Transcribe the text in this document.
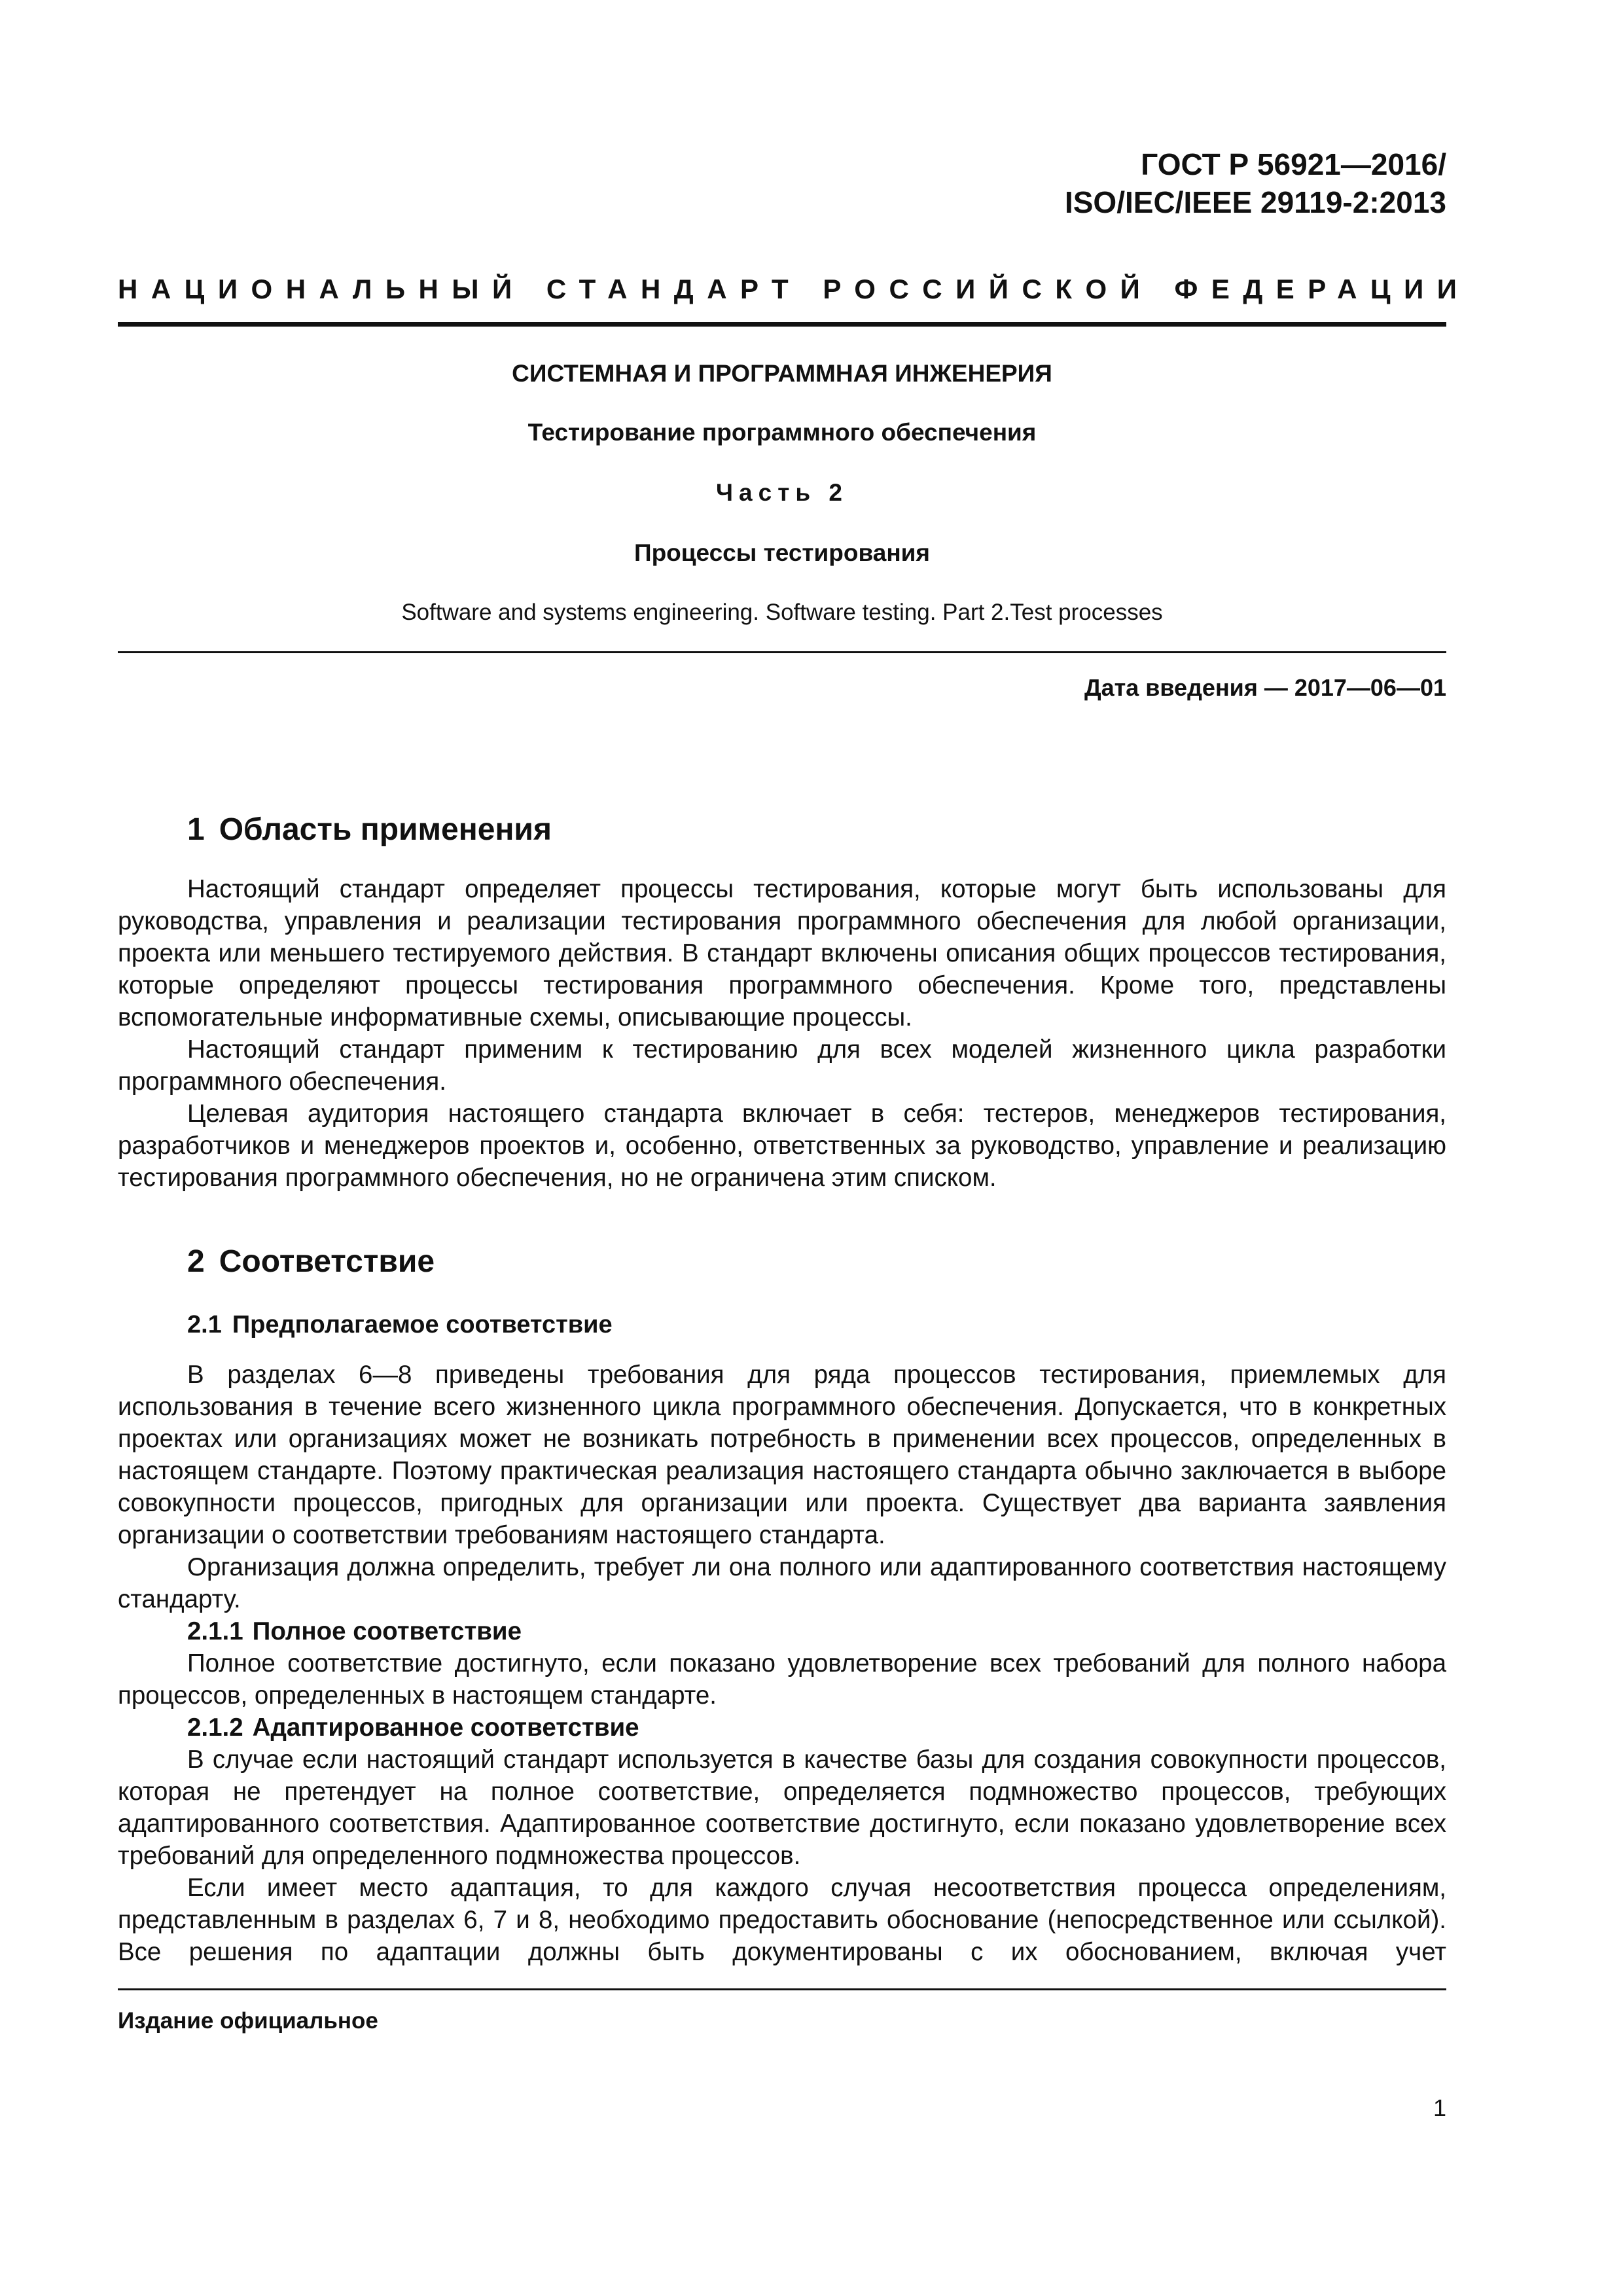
ГОСТ Р 56921—2016/
ISO/IEC/IEEE 29119-2:2013
НАЦИОНАЛЬНЫЙ СТАНДАРТ РОССИЙСКОЙ ФЕДЕРАЦИИ
СИСТЕМНАЯ И ПРОГРАММНАЯ ИНЖЕНЕРИЯ
Тестирование программного обеспечения
Часть 2
Процессы тестирования
Software and systems engineering. Software testing. Part 2.Test processes
Дата введения — 2017—06—01
1 Область применения

Настоящий стандарт определяет процессы тестирования, которые могут быть использованы для руководства, управления и реализации тестирования программного обеспечения для любой организации, проекта или меньшего тестируемого действия. В стандарт включены описания общих процессов тестирования, которые определяют процессы тестирования программного обеспечения. Кроме того, представлены вспомогательные информативные схемы, описывающие процессы.

Настоящий стандарт применим к тестированию для всех моделей жизненного цикла разработки программного обеспечения.

Целевая аудитория настоящего стандарта включает в себя: тестеров, менеджеров тестирования, разработчиков и менеджеров проектов и, особенно, ответственных за руководство, управление и реализацию тестирования программного обеспечения, но не ограничена этим списком.

2 Соответствие
2.1 Предполагаемое соответствие

В разделах 6—8 приведены требования для ряда процессов тестирования, приемлемых для использования в течение всего жизненного цикла программного обеспечения. Допускается, что в конкретных проектах или организациях может не возникать потребность в применении всех процессов, определенных в настоящем стандарте. Поэтому практическая реализация настоящего стандарта обычно заключается в выборе совокупности процессов, пригодных для организации или проекта. Существует два варианта заявления организации о соответствии требованиям настоящего стандарта.

Организация должна определить, требует ли она полного или адаптированного соответствия настоящему стандарту.

2.1.1 Полное соответствие

Полное соответствие достигнуто, если показано удовлетворение всех требований для полного набора процессов, определенных в настоящем стандарте.

2.1.2 Адаптированное соответствие

В случае если настоящий стандарт используется в качестве базы для создания совокупности процессов, которая не претендует на полное соответствие, определяется подмножество процессов, требующих адаптированного соответствия. Адаптированное соответствие достигнуто, если показано удовлетворение всех требований для определенного подмножества процессов.

Если имеет место адаптация, то для каждого случая несоответствия процесса определениям, представленным в разделах 6, 7 и 8, необходимо предоставить обоснование (непосредственное или ссылкой). Все решения по адаптации должны быть документированы с их обоснованием, включая учет

Издание официальное
1
